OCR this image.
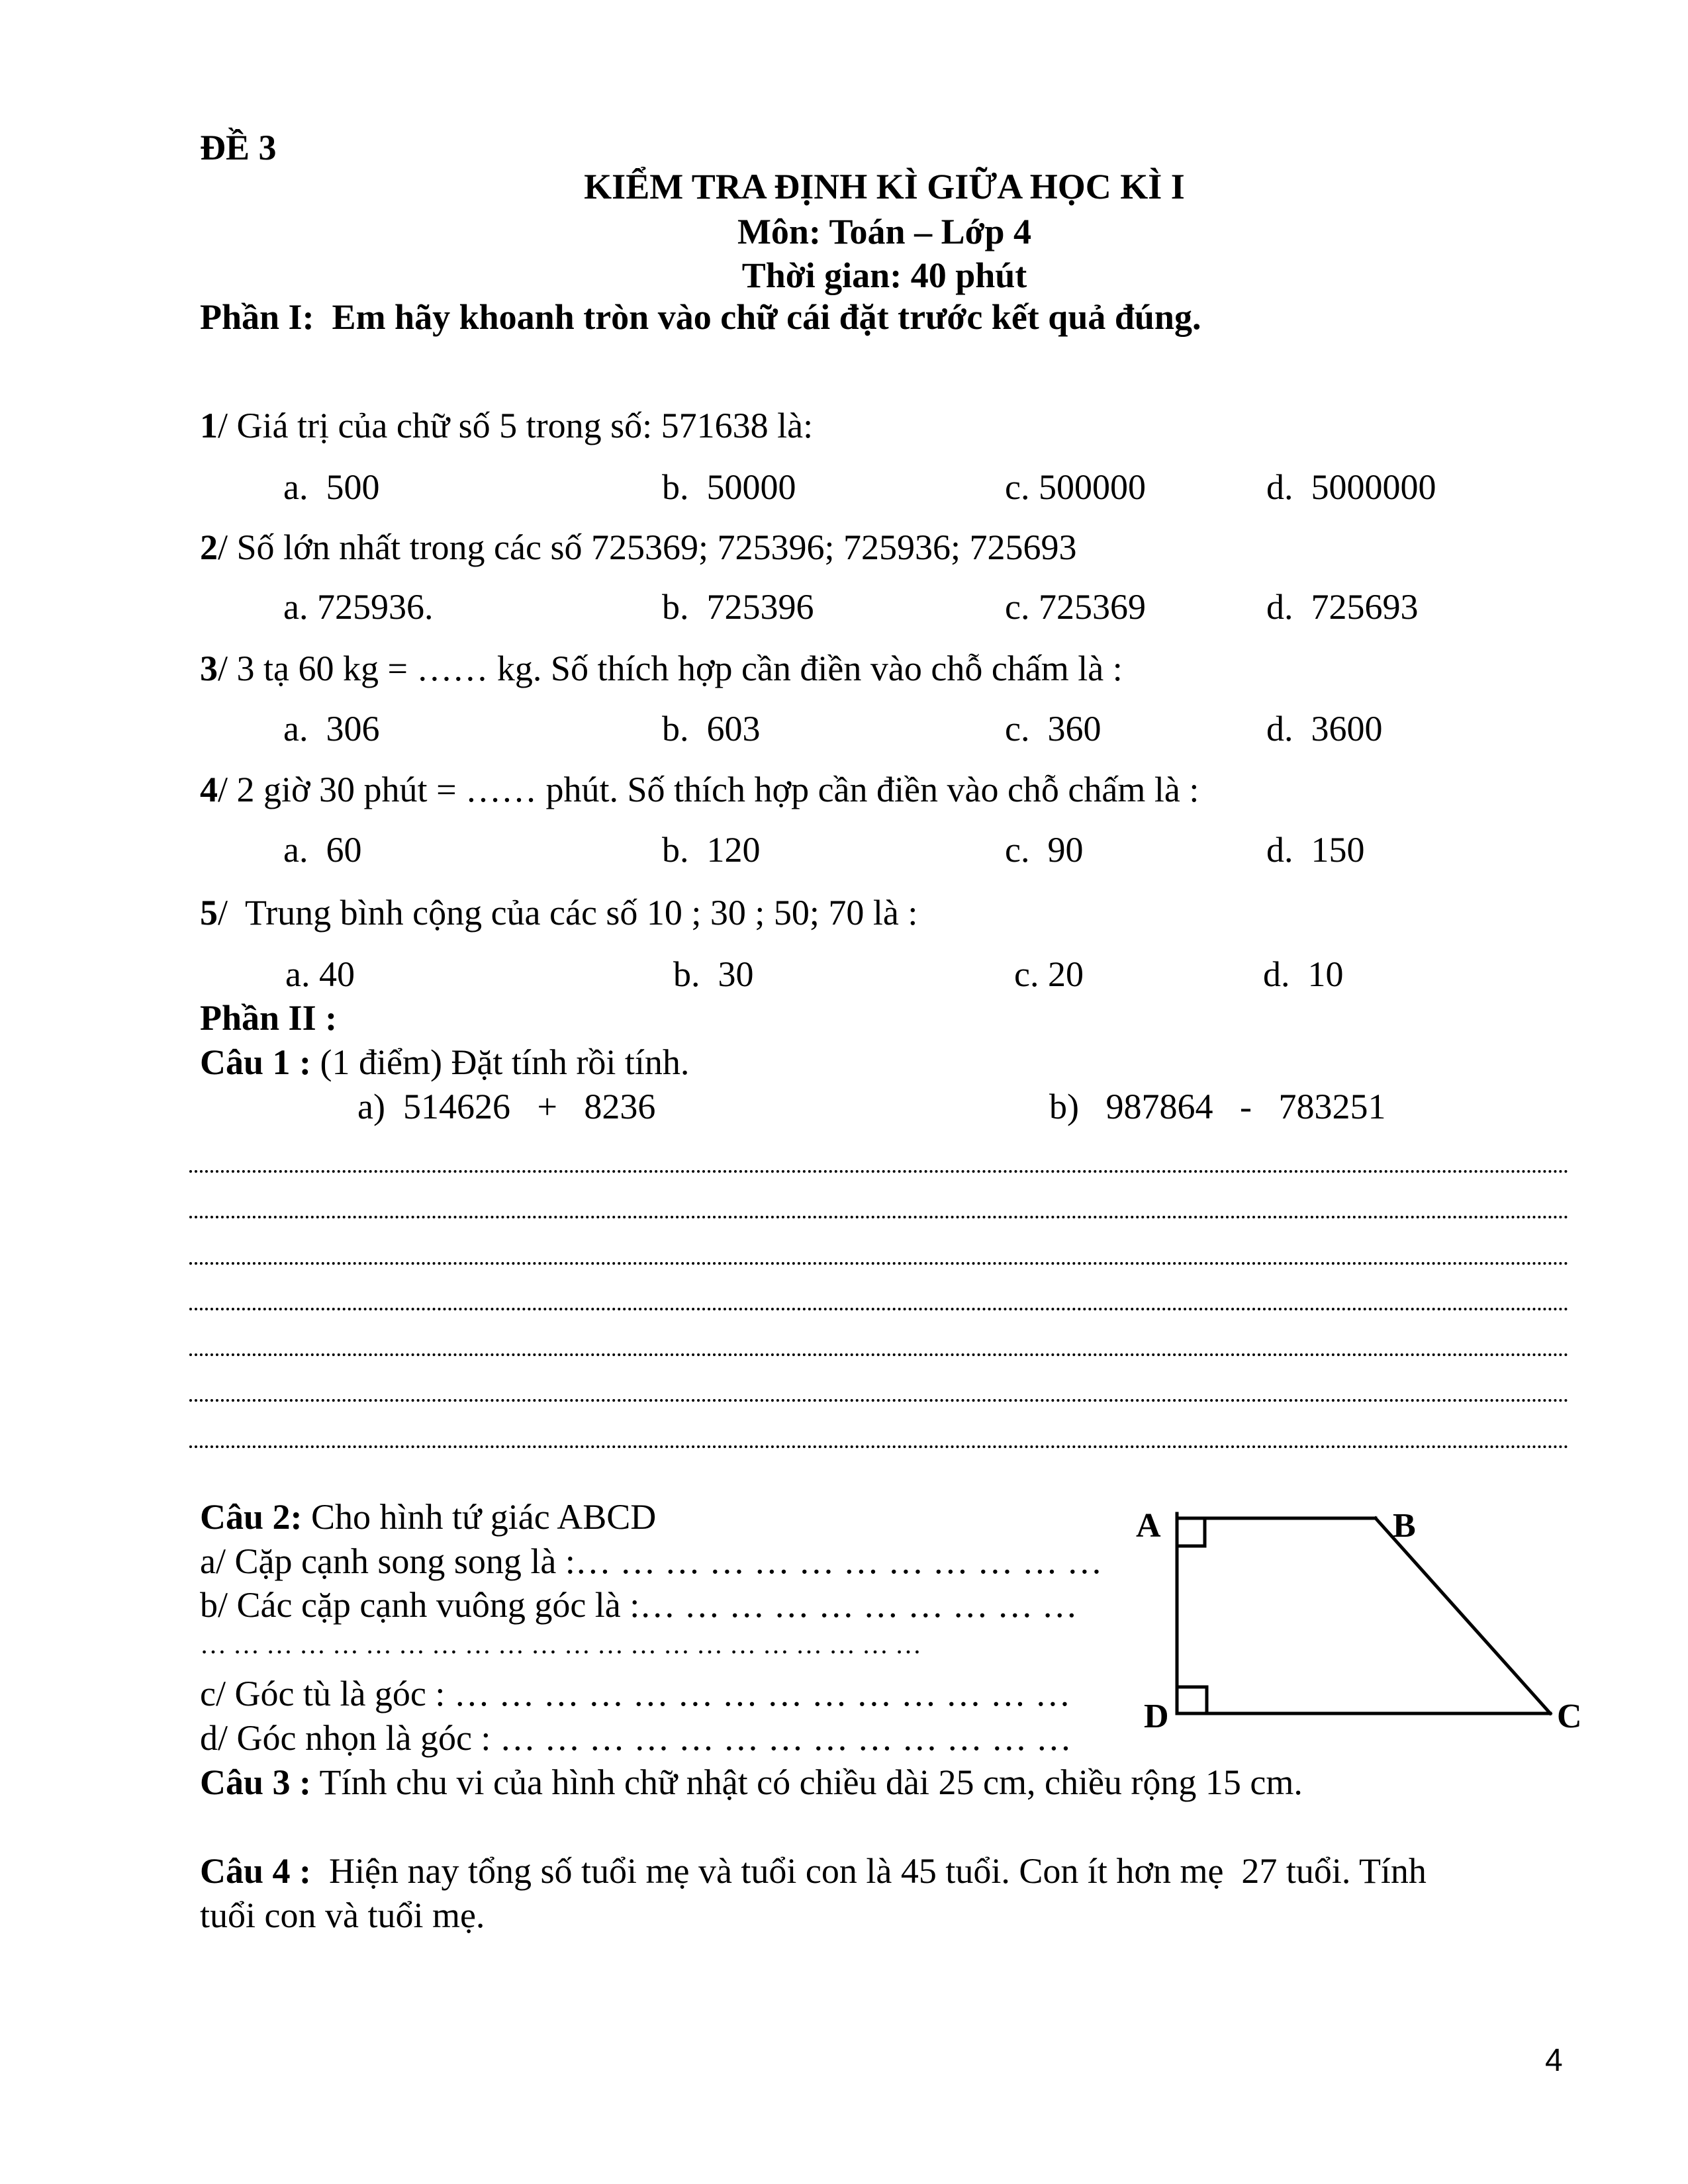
ĐỀ 3
KIỂM TRA ĐỊNH KÌ GIỮA HỌC KÌ I
Môn: Toán – Lớp 4
Thời gian: 40 phút
Phần I:  Em hãy khoanh tròn vào chữ cái đặt trước kết quả đúng.
1/ Giá trị của chữ số 5 trong số: 571638 là:
a.  500	b.  50000	c. 500000	d.  5000000
2/ Số lớn nhất trong các số 725369; 725396; 725936; 725693
a. 725936.	b.  725396	c. 725369	d.  725693
3/ 3 tạ 60 kg = …… kg. Số thích hợp cần điền vào chỗ chấm là :
a.  306	b.  603	c.  360	d.  3600
4/ 2 giờ 30 phút = …… phút. Số thích hợp cần điền vào chỗ chấm là :
a.  60	b.  120	c.  90	d.  150
5/  Trung bình cộng của các số 10 ; 30 ; 50; 70 là :
a. 40	b.  30	c. 20	d.  10
Phần II :
Câu 1 : (1 điểm) Đặt tính rồi tính.
a)  514626   +   8236	b)   987864   -   783251
Câu 2: Cho hình tứ giác ABCD
a/ Cặp cạnh song song là :… … … … … … … … … … … …
b/ Các cặp cạnh vuông góc là :… … … … … … … … … …
… … … … … … … … … … … … … … … … … … … … … …
c/ Góc tù là góc : … … … … … … … … … … … … … …
d/ Góc nhọn là góc : … … … … … … … … … … … … …
A	B
C
D
Câu 3 : Tính chu vi của hình chữ nhật có chiều dài 25 cm, chiều rộng 15 cm.
Câu 4 :  Hiện nay tổng số tuổi mẹ và tuổi con là 45 tuổi. Con ít hơn mẹ  27 tuổi. Tính
tuổi con và tuổi mẹ.
4
